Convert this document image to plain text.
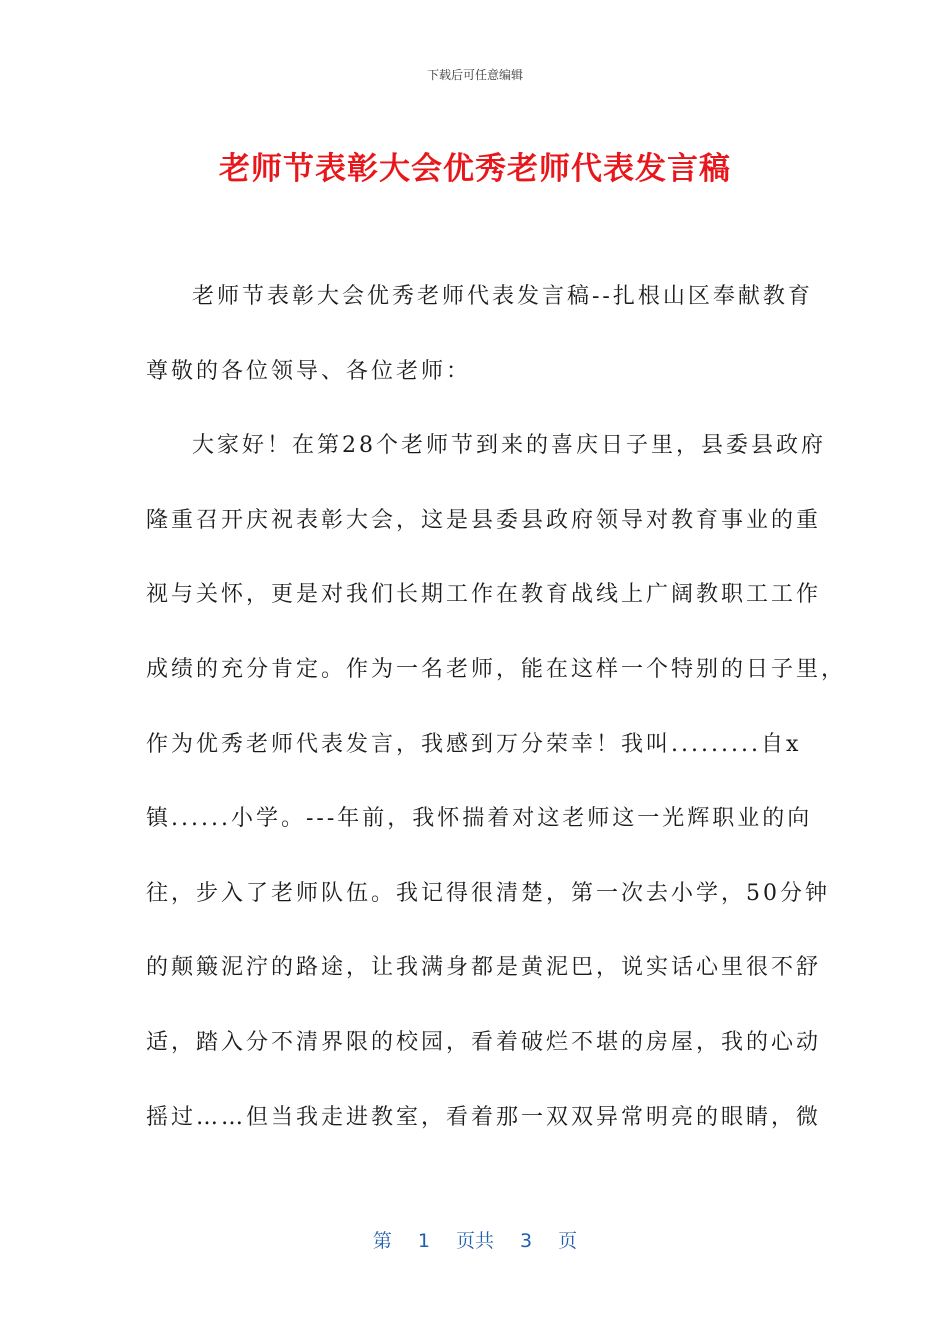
下载后可任意编辑
老师节表彰大会优秀老师代表发言稿
老师节表彰大会优秀老师代表发言稿--扎根山区奉献教育
尊敬的各位领导、各位老师：
大家好！在第28个老师节到来的喜庆日子里，县委县政府
隆重召开庆祝表彰大会，这是县委县政府领导对教育事业的重
视与关怀，更是对我们长期工作在教育战线上广阔教职工工作
成绩的充分肯定。作为一名老师，能在这样一个特别的日子里，
作为优秀老师代表发言，我感到万分荣幸！我叫.........自x
镇......小学。---年前，我怀揣着对这老师这一光辉职业的向
往，步入了老师队伍。我记得很清楚，第一次去小学，50分钟
的颠簸泥泞的路途，让我满身都是黄泥巴，说实话心里很不舒
适，踏入分不清界限的校园，看着破烂不堪的房屋，我的心动
摇过……但当我走进教室，看着那一双双异常明亮的眼睛，微
第 1 页共 3 页
